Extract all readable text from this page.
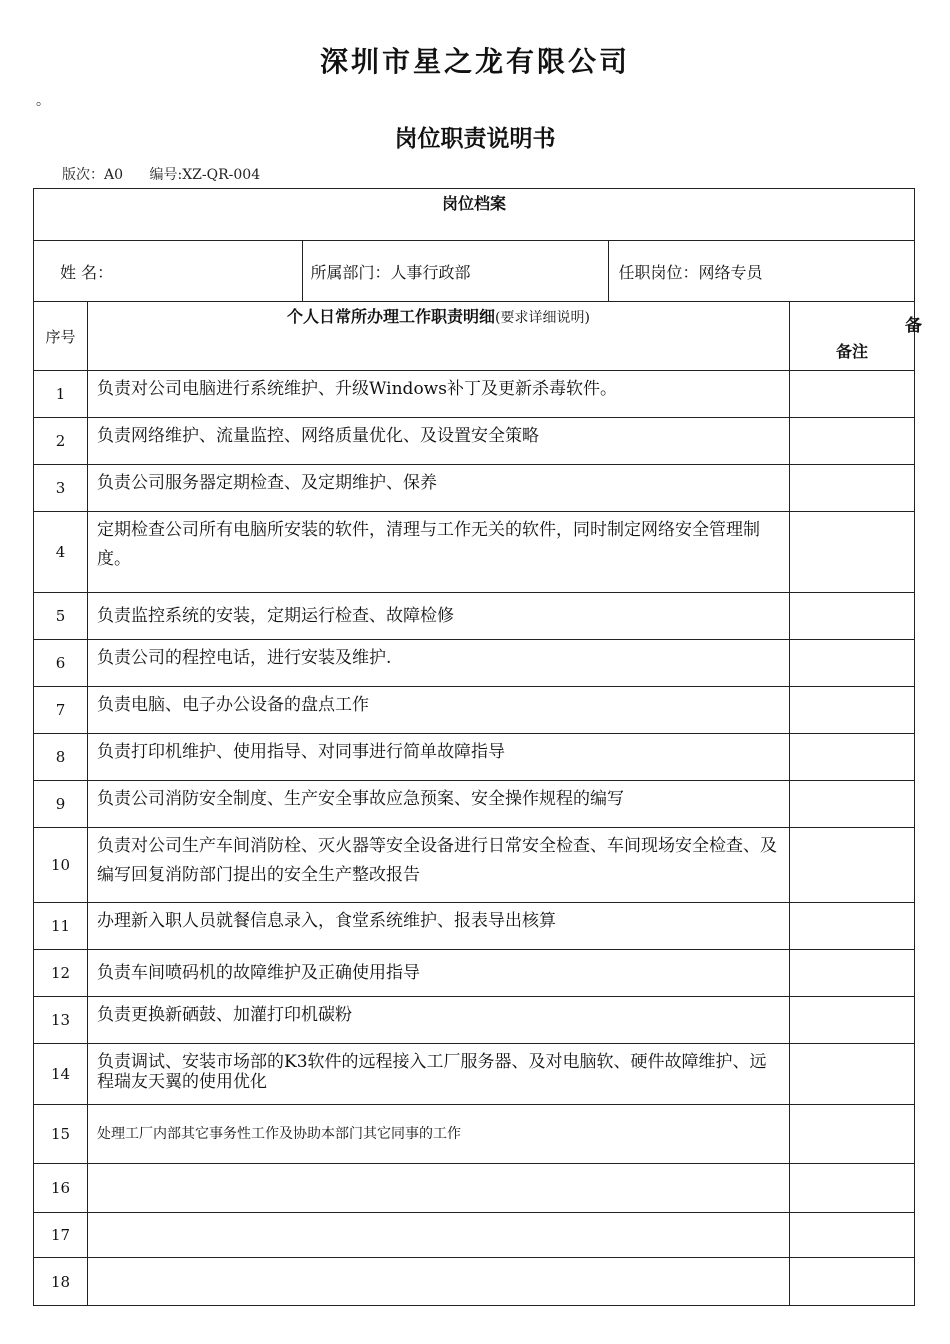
深圳市星之龙有限公司
。
岗位职责说明书
版次：A0 编号:XZ-QR-004
岗位档案

姓 名：	所属部门：人事行政部	任职岗位：网络专员

序号	个人日常所办理工作职责明细(要求详细说明)	备注
1	负责对公司电脑进行系统维护、升级Windows补丁及更新杀毒软件。	
2	负责网络维护、流量监控、网络质量优化、及设置安全策略	
3	负责公司服务器定期检查、及定期维护、保养	
4	定期检查公司所有电脑所安装的软件，清理与工作无关的软件，同时制定网络安全管理制度。	
5	负责监控系统的安装，定期运行检查、故障检修	
6	负责公司的程控电话，进行安装及维护.	
7	负责电脑、电子办公设备的盘点工作	
8	负责打印机维护、使用指导、对同事进行简单故障指导	
9	负责公司消防安全制度、生产安全事故应急预案、安全操作规程的编写	
10	负责对公司生产车间消防栓、灭火器等安全设备进行日常安全检查、车间现场安全检查、及编写回复消防部门提出的安全生产整改报告	
11	办理新入职人员就餐信息录入，食堂系统维护、报表导出核算	
12	负责车间喷码机的故障维护及正确使用指导	
13	负责更换新硒鼓、加灌打印机碳粉	
14	负责调试、安装市场部的K3软件的远程接入工厂服务器、及对电脑软、硬件故障维护、远程瑞友天翼的使用优化	
15	处理工厂内部其它事务性工作及协助本部门其它同事的工作	
16		
17		
18		
备
